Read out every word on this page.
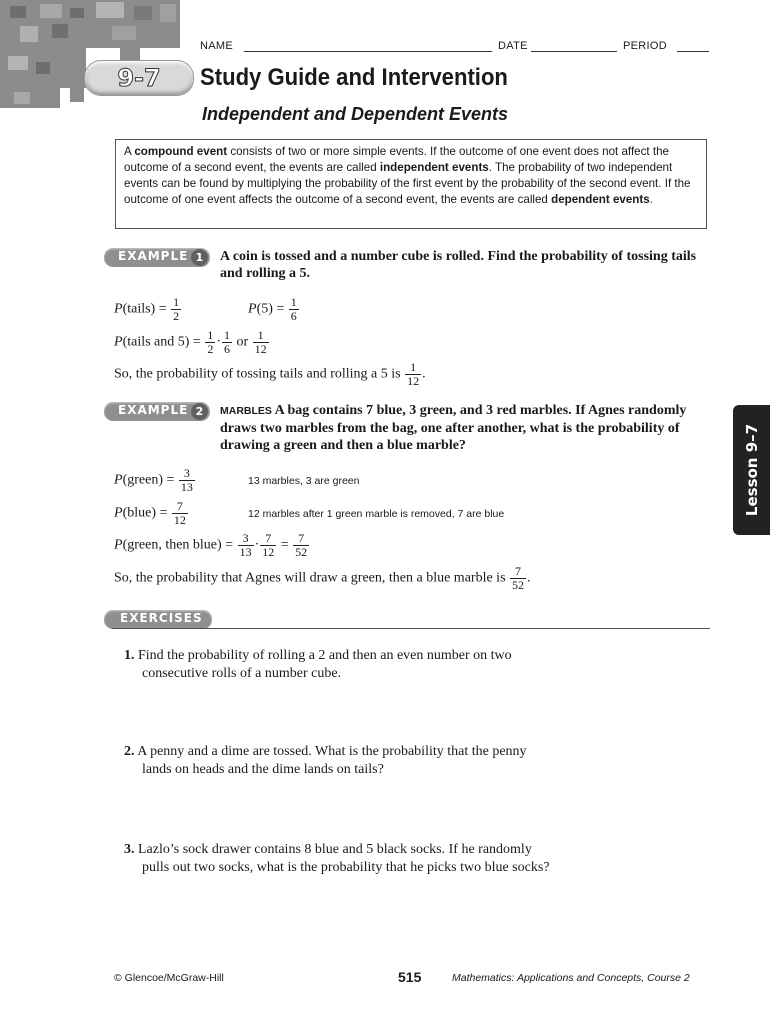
NAME	DATE	PERIOD
9-7	Study Guide and Intervention
Independent and Dependent Events
A compound event consists of two or more simple events. If the outcome of one event does not affect the outcome of a second event, the events are called independent events. The probability of two independent events can be found by multiplying the probability of the first event by the probability of the second event. If the outcome of one event affects the outcome of a second event, the events are called dependent events.
EXAMPLE 1	A coin is tossed and a number cube is rolled. Find the probability of tossing tails and rolling a 5.
P(tails) = $\frac{1}{2}$	$P(5) = \frac{1}{6}$
P(tails and $5) = \frac{1}{2} \cdot \frac{1}{6}$ or $\frac{1}{12}$
So, the probability of tossing tails and rolling a 5 is $\frac{1}{12}$ .
EXAMPLE 2	MARBLES A bag contains 7 blue, 3 green, and 3 red marbles. If Agnes randomly draws two marbles from the bag, one after another, what is the probability of drawing a green and then a blue marble?
P(green) = $\frac{3}{13}$	13 marbles, 3 are green
P(blue) = $\frac{7}{12}$	12 marbles after 1 green marble is removed, 7 are blue
P(green, then blue) = $\frac{3}{13} \cdot \frac{7}{12} = \frac{7}{52}$
So, the probability that Agnes will draw a green, then a blue marble is $\frac{7}{52}$ .
Lesson 9–7
EXERCISES
1. Find the probability of rolling a 2 and then an even number on two
consecutive rolls of a number cube.
2. A penny and a dime are tossed. What is the probability that the penny
lands on heads and the dime lands on tails?
3. Lazlo’s sock drawer contains 8 blue and 5 black socks. If he randomly
pulls out two socks, what is the probability that he picks two blue socks?
© Glencoe/McGraw-Hill	515	Mathematics: Applications and Concepts, Course 2
